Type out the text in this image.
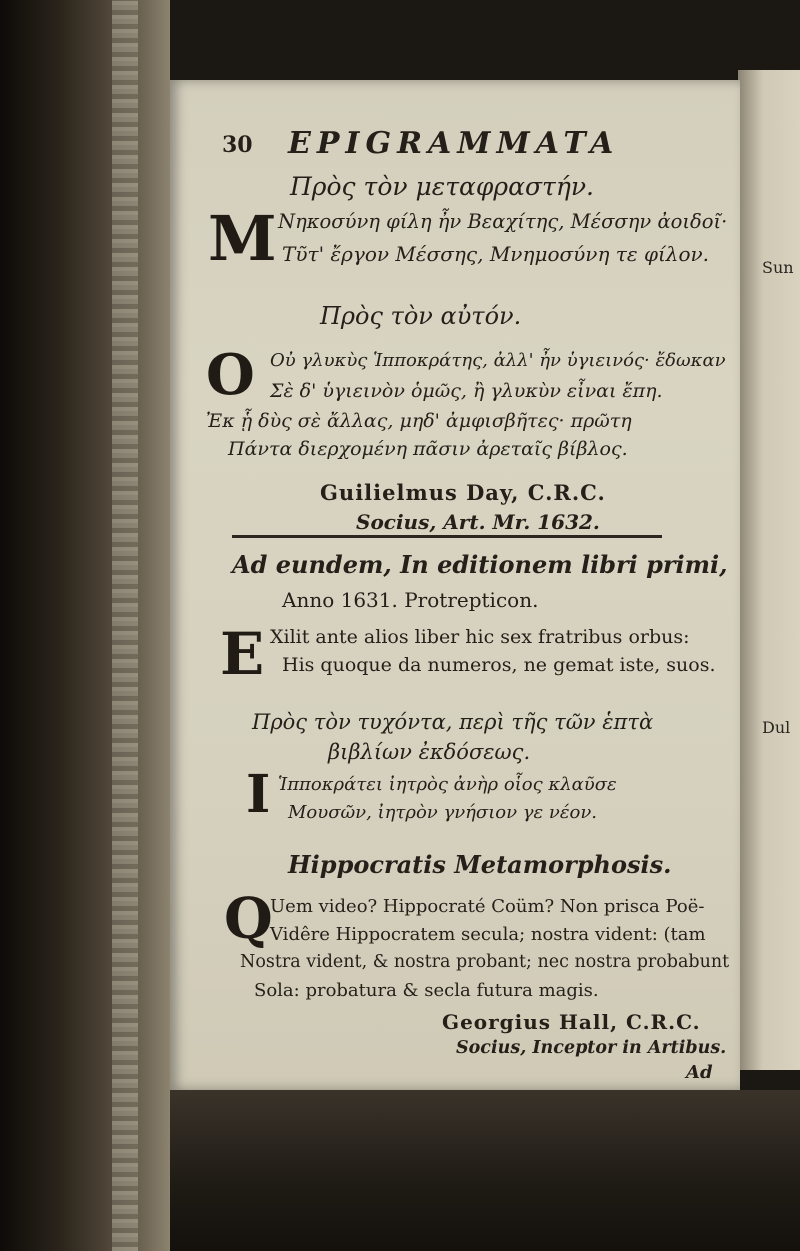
Sun
Dul
30 EPIGRAMMATA
Πρὸς τὸν μεταφραστήν.
M Νηκοσύνη φίλη ἦν Βεαχίτης, Μέσσην ἀοιδοῖ·
Τῦτ' ἔργον Μέσσης, Μνημοσύνη τε φίλον.
Πρὸς τὸν αὐτόν.
O Οὐ γλυκὺς Ἱπποκράτης, ἀλλ' ἦν ὑγιεινός· ἔδωκαν
Σὲ δ' ὑγιεινὸν ὁμῶς, ἢ γλυκὺν εἶναι ἔπη.
Ἐκ ᾗ δὺς σὲ ἄλλας, μηδ' ἀμφισβῆτες· πρῶτη
Πάντα διερχομένη πᾶσιν ἀρεταῖς βίβλος.
Guilielmus Day, C.R.C.
Socius, Art. Mr. 1632.
Ad eundem, In editionem libri primi,
Anno 1631. Protrepticon.
E Xilit ante alios liber hic sex fratribus orbus:
His quoque da numeros, ne gemat iste, suos.
Πρὸς τὸν τυχόντα, περὶ τῆς τῶν ἑπτὰ
βιβλίων ἐκδόσεως.
I Ἱπποκράτει ἰητρὸς ἀνὴρ οἷος κλαῦσε
Μουσῶν, ἰητρὸν γνήσιον γε νέον.
Hippocratis Metamorphosis.
Q
Uem video? Hippocraté Coüm? Non prisca Poë-
Vidêre Hippocratem secula; nostra vident: (tam
Nostra vident, & nostra probant; nec nostra probabunt
Sola: probatura & secla futura magis.
Georgius Hall, C.R.C.
Socius, Inceptor in Artibus.
Ad
